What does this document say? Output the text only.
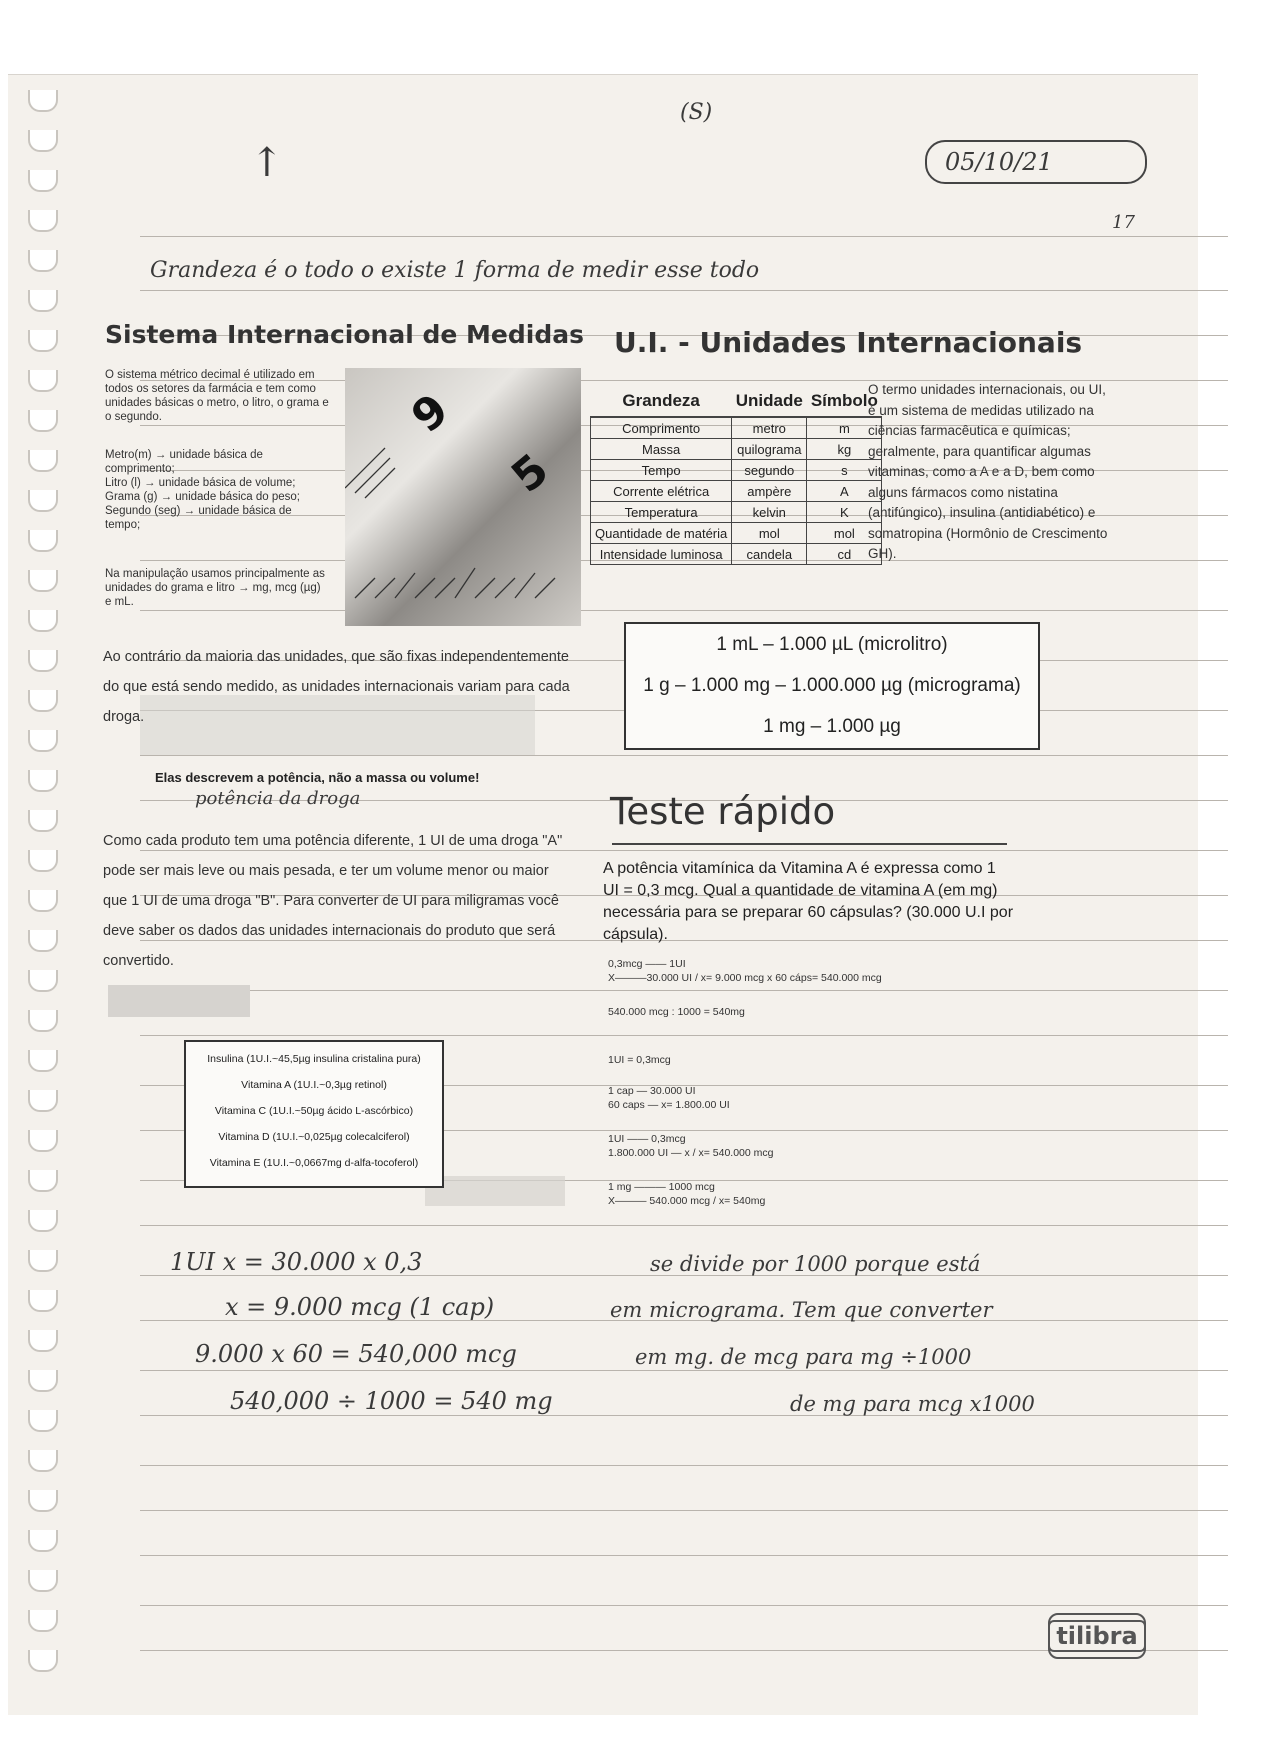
(S)
↑	05/10/21
17
Grandeza é o todo o existe 1 forma de medir esse todo
Sistema Internacional de Medidas
O sistema métrico decimal é utilizado em todos os setores da farmácia e tem como unidades básicas o metro, o litro, o grama e o segundo.
Metro(m) → unidade básica de comprimento;
Litro (l) → unidade básica de volume;
Grama (g) → unidade básica do peso;
Segundo (seg) → unidade básica de tempo;
Na manipulação usamos principalmente as unidades do grama e litro → mg, mcg (µg) e mL.
9
5
Ao contrário da maioria das unidades, que são fixas independentemente do que está sendo medido, as unidades internacionais variam para cada droga.
Elas descrevem a potência, não a massa ou volume!
potência da droga
Como cada produto tem uma potência diferente, 1 UI de uma droga "A" pode ser mais leve ou mais pesada, e ter um volume menor ou maior que 1 UI de uma droga "B". Para converter de UI para miligramas você deve saber os dados das unidades internacionais do produto que será convertido.
Insulina (1U.I.~45,5µg insulina cristalina pura)
Vitamina A (1U.I.~0,3µg retinol)
Vitamina C (1U.I.~50µg ácido L-ascórbico)
Vitamina D (1U.I.~0,025µg colecalciferol)
Vitamina E (1U.I.~0,0667mg d-alfa-tocoferol)
U.I. - Unidades Internacionais
Grandeza	Unidade	Símbolo
Comprimento	metro	m
Massa	quilograma	kg
Tempo	segundo	s
Corrente elétrica	ampère	A
Temperatura	kelvin	K
Quantidade de matéria	mol	mol
Intensidade luminosa	candela	cd
O termo unidades internacionais, ou UI, é um sistema de medidas utilizado na ciências farmacêutica e químicas; geralmente, para quantificar algumas vitaminas, como a A e a D, bem como alguns fármacos como nistatina (antifúngico), insulina (antidiabético) e somatropina (Hormônio de Crescimento GH).
1 mL – 1.000 µL (microlitro)
1 g – 1.000 mg – 1.000.000 µg (micrograma)
1 mg – 1.000 µg
Teste rápido
A potência vitamínica da Vitamina A é expressa como 1 UI = 0,3 mcg. Qual a quantidade de vitamina A (em mg) necessária para se preparar 60 cápsulas? (30.000 U.I por cápsula).
0,3mcg —— 1UI
X———30.000 UI / x= 9.000 mcg x 60 cáps= 540.000 mcg
540.000 mcg : 1000 = 540mg
1UI = 0,3mcg
1 cap — 30.000 UI
60 caps — x= 1.800.00 UI
1UI —— 0,3mcg
1.800.000 UI — x / x= 540.000 mcg
1 mg ——— 1000 mcg
X——— 540.000 mcg / x= 540mg
1UI x = 30.000 x 0,3
x = 9.000 mcg (1 cap)
9.000 x 60 = 540,000 mcg
540,000 ÷ 1000 = 540 mg
se divide por 1000 porque está
em micrograma. Tem que converter
em mg. de mcg para mg ÷1000
de mg para mcg x1000
tilibra
